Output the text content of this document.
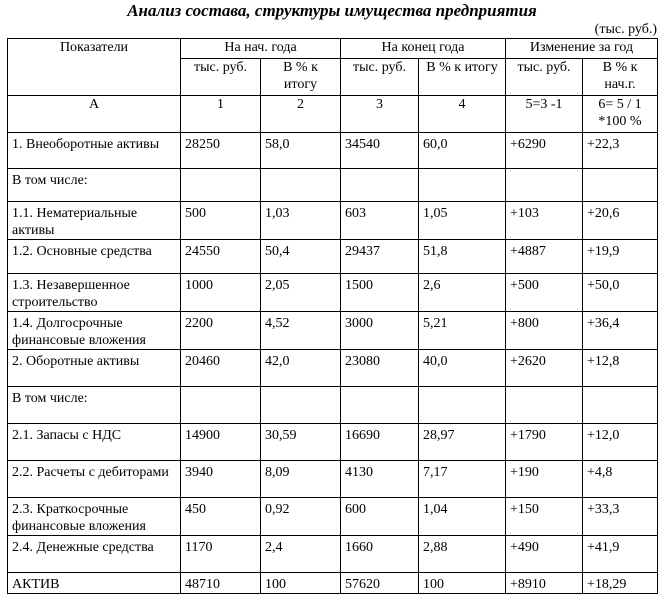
Анализ состава, структуры имущества предприятия
(тыс. руб.)
Показатели	На нач. года		На конец года		Изменение за год	
	тыс. руб.	В % к итогу	тыс. руб.	В % к итогу	тыс. руб.	В % к нач.г.
А	1	2	3	4	5=3 -1	6= 5 / 1 *100 %
1. Внеоборотные активы	28250	58,0	34540	60,0	+6290	+22,3
В том числе:						
1.1. Нематериальные активы	500	1,03	603	1,05	+103	+20,6
1.2. Основные средства	24550	50,4	29437	51,8	+4887	+19,9
1.3. Незавершенное строительство	1000	2,05	1500	2,6	+500	+50,0
1.4. Долгосрочные финансовые вложения	2200	4,52	3000	5,21	+800	+36,4
2. Оборотные активы	20460	42,0	23080	40,0	+2620	+12,8
В том числе:						
2.1. Запасы с НДС	14900	30,59	16690	28,97	+1790	+12,0
2.2. Расчеты с дебиторами	3940	8,09	4130	7,17	+190	+4,8
2.3. Краткосрочные финансовые вложения	450	0,92	600	1,04	+150	+33,3
2.4. Денежные средства	1170	2,4	1660	2,88	+490	+41,9
АКТИВ	48710	100	57620	100	+8910	+18,29
